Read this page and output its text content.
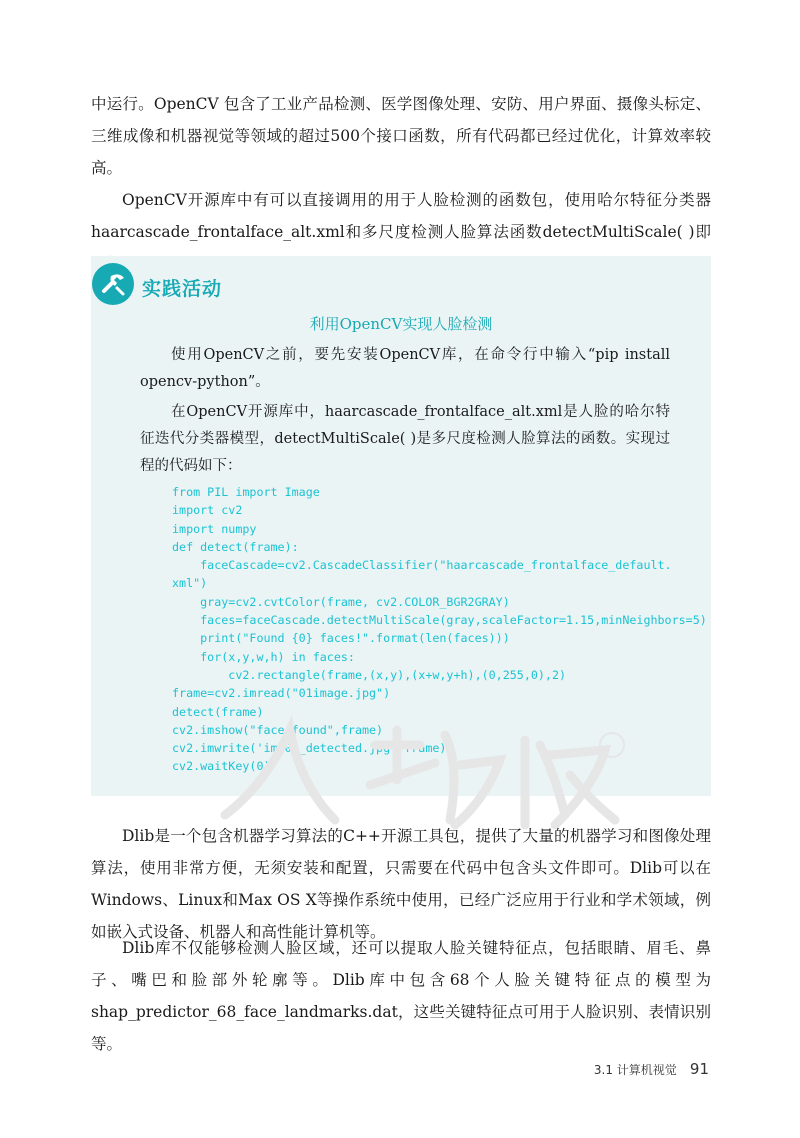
中运行。OpenCV 包含了工业产品检测、医学图像处理、安防、用户界面、摄像头标定、三维成像和机器视觉等领域的超过500个接口函数，所有代码都已经过优化，计算效率较高。

OpenCV开源库中有可以直接调用的用于人脸检测的函数包，使用哈尔特征分类器haarcascade_frontalface_alt.xml和多尺度检测人脸算法函数detectMultiScale( )即

实践活动
利用OpenCV实现人脸检测

使用OpenCV之前，要先安装OpenCV库，在命令行中输入“pip install opencv-python”。

在OpenCV开源库中，haarcascade_frontalface_alt.xml是人脸的哈尔特征迭代分类器模型，detectMultiScale( )是多尺度检测人脸算法的函数。实现过程的代码如下：

from PIL import Image
import cv2
import numpy
def detect(frame):
faceCascade=cv2.CascadeClassifier("haarcascade_frontalface_default.
xml")
gray=cv2.cvtColor(frame, cv2.COLOR_BGR2GRAY)
faces=faceCascade.detectMultiScale(gray,scaleFactor=1.15,minNeighbors=5)
print("Found {0} faces!".format(len(faces)))
for(x,y,w,h) in faces:
cv2.rectangle(frame,(x,y),(x+w,y+h),(0,255,0),2)
frame=cv2.imread("01image.jpg")
detect(frame)
cv2.imshow("face found",frame)
cv2.imwrite('img01_detected.jpg',frame)
cv2.waitKey(0)

Dlib是一个包含机器学习算法的C++开源工具包，提供了大量的机器学习和图像处理算法，使用非常方便，无须安装和配置，只需要在代码中包含头文件即可。Dlib可以在Windows、Linux和Max OS X等操作系统中使用，已经广泛应用于行业和学术领域，例如嵌入式设备、机器人和高性能计算机等。

Dlib库不仅能够检测人脸区域，还可以提取人脸关键特征点，包括眼睛、眉毛、鼻子、嘴巴和脸部外轮廓等。Dlib库中包含68个人脸关键特征点的模型为shap_predictor_68_face_landmarks.dat，这些关键特征点可用于人脸识别、表情识别等。

3.1 计算机视觉 91
